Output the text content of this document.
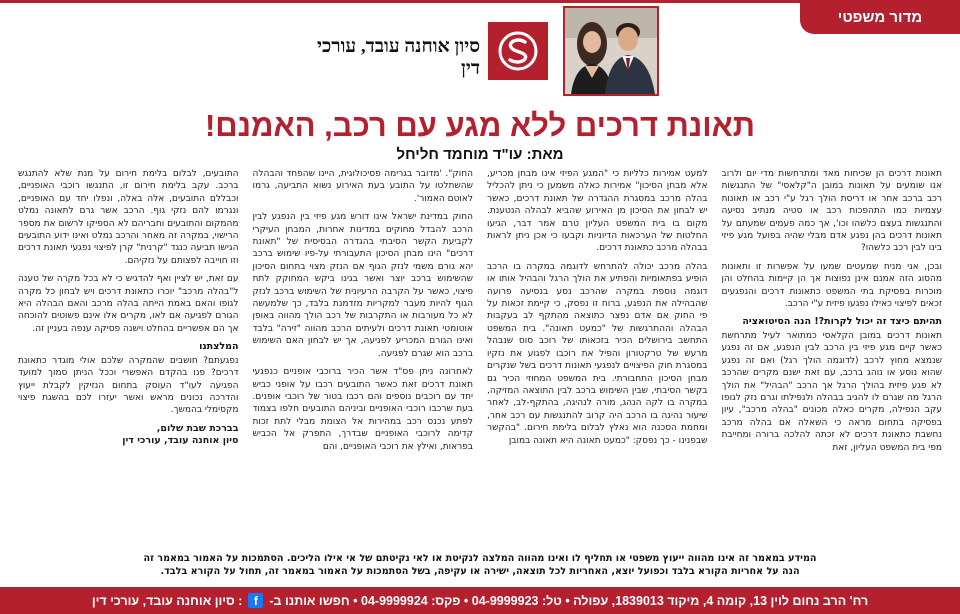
מדור משפטי
סיון אוחנה עובד, עורכי דין
תאונת דרכים ללא מגע עם רכב, האמנם!
מאת: עו"ד מוחמד חליחל

תאונות דרכים הן שכיחות מאד ומתרחשות מדי יום ולרוב אנו שומעים על תאונות במובן ה"קלאסי" של התנגשות רכב ברכב אחר או דריסת הולך רגל ע"י רכב או תאונות עצמיות כמו התהפכות רכב או סטיה מנתיב נסיעה והתנגשות בעצם כלשהו וכו', אך כמה פעמים שמעתם על תאונות דרכים בהן נפגע אדם מבלי שהיה בפועל מגע פיזי בינו לבין רכב כלשהו?

ובכן, אני מניח שמעטים שמעו על אפשרות זו ותאונות מהסוג הזה אמנם אינן נפוצות אך הן קיימות בהחלט והן מוכרות בפסיקת בתי המשפט כתאונות דרכים והנפגעים זכאים לפיצוי כאילו נפגעו פיזית ע"י הרכב.

תהיתם כיצד זה יכול לקרות?! הנה הסיטואציה

תאונות דרכים במובן הקלאסי כמתואר לעיל מתרחשת כאשר קיים מגע פיזי בין הרכב לבין הנפגע, אם זה נפגע שנמצא מחוץ לרכב (לדוגמה הולך רגל) ואם זה נפגע שהוא נוסע או נוהג ברכב, עם זאת ישנם מקרים שהרכב לא פגע פיזית בהולך הרגל אך הרכב "הבהיל" את הולך הרגל מה שגרם לו להגיב בבהלה ולנפילתו וגרם נזק לגופו עקב הנפילה, מקרים כאלה מכונים "בהלה מרכב", עיון בפסיקה בתחום מראה כי השאלה אם בהלה מרכב נחשבת כתאונת דרכים לא זכתה להלכה ברורה ומחייבת מפי בית המשפט העליון, זאת

למעט אמירות כלליות כי "המגע הפיזי אינו מבחן מכריע, אלא מבחן הסיכון" אמירות כאלה משמען כי ניתן להכליל בהלה מרכב במסגרת ההגדרה של תאונת דרכים, כאשר יש לבחון את הסיכון מן האירוע שהביא לבהלה הנטענת. מקום בו בית המשפט העליון טרם אמר דבר, הגיעו החלטות של הערכאות הדיוניות וקבעו כי אכן ניתן לראות בבהלה מרכב כתאונת דרכים.

בהלה מרכב יכולה להתרחש לדוגמה במקרה בו הרכב הופיע בפתאומיות והפתיע את הולך הרגל והבהיל אותו או דוגמה נוספת במקרה שהרכב נסע בנסיעה פרועה שהבהילה את הנפגע, ברוח זו נפסק, כי קיימת זכאות על פי החוק אם אדם נפצר כתוצאה מהתקף לב בעקבות הבהלה וההתרגשות של "כמעט תאונה". בית המשפט התחשב בירושלים הכיר בזכאותו של רוכב סוס שנבהל מרעש של טרקטורון והפיל את רוכבו לפגוע את נזקיו במסגרת חוק הפיצויים לנפגעי תאונות דרכים בשל שנקרים מבחן הסיכון התחבורתי. בית המשפט המחוזי הכיר גם בקשר הסיבתי, שבין השימוש ברכב לבין התוצאה המזיקה, במקרה בו לקה הנהג, מורה לנהיגה, בהתקף-לב, לאחר שיעור נהיגה בו הרכב היה קרוב להתנגשות עם רכב אחר, ומחמת הסכנה הוא נאלץ לבלום בלימת חירום. "בהקשר שבפנינו - כך נפסק: "כמעט תאונה היא תאונה במובן

החוק". 'מדובר בגרימה פסיכולוגית, היינו שהפחד והבהלה שהשתלטו על התובע בעת האירוע נשוא התביעה, גרמו לאוטם האמור'.

החוק במדינת ישראל אינו דורש מגע פיזי בין הנפגע לבין הרכב להבדל מחוקים במדינות אחרות, המבחן העיקרי לקביעת הקשר הסיבתי בהגדרה הבסיסית של "תאונת דרכים" הינו מבחן הסיכון התעבורתי על-פיו שימוש ברכב יהא גורם משמי לנזק הגוף אם הנזק מצוי בתחום הסיכון שהשימוש ברכב יוצר ואשר בגינו ביקש המחוקק לתת פיצוי, כאשר על הקרבה הרעיונית של השימוש ברכב לנזק הגוף להיות מעבר למקריות מזדמנת בלבד, כך שלמעשה לא כל מעורבות או התקרבות של רכב הולך מהווה באופן אוטומטי תאונת דרכים ולעיתים הרכב מהווה "זירה" בלבד ואינו הגורם המכריע לפגיעה, אך יש לבחון האם השימוש ברכב הוא שגרם לפגיעה.

לאחרונה ניתן פס"ד אשר הכיר ברוכבי אופניים כנפגעי תאונת דרכים זאת כאשר התובעים רכבו על אופני כביש יחד עם רוכבים נוספים והם רכבו בטור של רוכבי אופנים. בעת שרכבו רוכבי האופניים וביניהם התובעים חלפו בצמוד לפתע נכנס רכב במהירות אל הצומת מבלי לתת זכות קדימה לרוכבי האופניים שבדרך, התפרק אל הכביש בפראות, ואילץ את רוכבי האופניים, והם

התובעים, לבלום בלימת חירום על מנת שלא להתנגש ברכב. עקב בלימת חירום זו, התנגשו רוכבי האופניים, וכבללם התובעים, אלה באלה, ונפלו יחד עם האופניים, ונגרמו להם נזקי גוף. הרכב אשר גרם לתאונה נמלט מהמקום והתובעים וחבריהם לא הספיקו לרשום את מספר הרישוי, במקרה זה מאחר והרכב נמלט ואינו ידוע התובעים הגישו תביעה כנגד "קרנית" קרן לפיצוי נפגעי תאונת דרכים וזו חוייבה לפצותם על נזקיהם.

עם זאת, יש לציין ואף להדגיש כי לא בכל מקרה של טענה ל"בהלה מרכב" יוכרו כתאונת דרכים ויש לבחון כל מקרה לגופו והאם באמת הייתה בהלה מרכב והאם הבהלה היא הגורם לפגיעה אם לאו, מקרים אלו אינם פשוטים להוכחה אך הם אפשריים בהחלט וישנה פסיקה ענפה בעניין זה.

המלצתנו

נפגעתם? חושבים שהמקרה שלכם אולי מוגדר כתאונת דרכים? פנו בהקדם האפשרי וככל הניתן סמוך למועד הפגיעה לעו"ד העוסק בתחום הנזיקין לקבלת ייעוץ והדרכה נכונים מראש ואשר יעזרו לכם בהשגת פיצוי מקסימלי בהמשך.

בברכת שבת שלום,
סיון אוחנה עובד, עורכי דין
המידע במאמר זה אינו מהווה ייעוץ משפטי או תחליף לו ואינו מהווה המלצה לנקיטת או לאי נקיטתם של אי אילו הליכים. הסתמכות על האמור במאמר זה
הנה על אחריות הקורא בלבד וכפועל יוצא, האחריות לכל תוצאה, ישירה או עקיפה, בשל הסתמכות על האמור במאמר זה, תחול על הקורא בלבד.
רח' הרב נחום לוין 13, קומה 4, מיקוד 1839013, עפולה • טל: 04-9999923 • פקס: 04-9999924 • חפשו אותנו ב-
f
: סיון אוחנה עובד, עורכי דין
